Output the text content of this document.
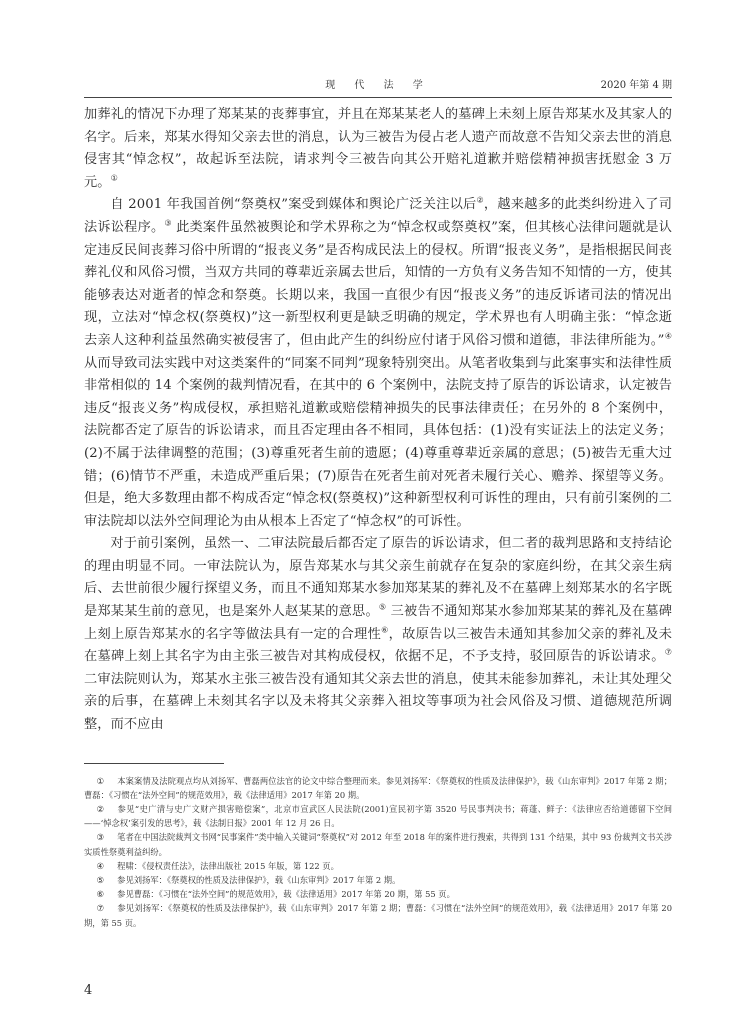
现 代 法 学	2020 年第 4 期

加葬礼的情况下办理了郑某某的丧葬事宜，并且在郑某某老人的墓碑上未刻上原告郑某水及其家人的名字。后来，郑某水得知父亲去世的消息，认为三被告为侵占老人遗产而故意不告知父亲去世的消息侵害其“悼念权”，故起诉至法院，请求判令三被告向其公开赔礼道歉并赔偿精神损害抚慰金 3 万元。①

自 2001 年我国首例“祭奠权”案受到媒体和舆论广泛关注以后②，越来越多的此类纠纷进入了司法诉讼程序。③ 此类案件虽然被舆论和学术界称之为“悼念权或祭奠权”案，但其核心法律问题就是认定违反民间丧葬习俗中所谓的“报丧义务”是否构成民法上的侵权。所谓“报丧义务”，是指根据民间丧葬礼仪和风俗习惯，当双方共同的尊辈近亲属去世后，知情的一方负有义务告知不知情的一方，使其能够表达对逝者的悼念和祭奠。长期以来，我国一直很少有因“报丧义务”的违反诉诸司法的情况出现，立法对“悼念权(祭奠权)”这一新型权利更是缺乏明确的规定，学术界也有人明确主张：“悼念逝去亲人这种利益虽然确实被侵害了，但由此产生的纠纷应付诸于风俗习惯和道德，非法律所能为。”④从而导致司法实践中对这类案件的“同案不同判”现象特别突出。从笔者收集到与此案事实和法律性质非常相似的 14 个案例的裁判情况看，在其中的 6 个案例中，法院支持了原告的诉讼请求，认定被告违反“报丧义务”构成侵权，承担赔礼道歉或赔偿精神损失的民事法律责任；在另外的 8 个案例中，法院都否定了原告的诉讼请求，而且否定理由各不相同，具体包括：(1)没有实证法上的法定义务；(2)不属于法律调整的范围；(3)尊重死者生前的遗愿；(4)尊重尊辈近亲属的意思；(5)被告无重大过错；(6)情节不严重，未造成严重后果；(7)原告在死者生前对死者未履行关心、赡养、探望等义务。但是，绝大多数理由都不构成否定“悼念权(祭奠权)”这种新型权利可诉性的理由，只有前引案例的二审法院却以法外空间理论为由从根本上否定了“悼念权”的可诉性。

对于前引案例，虽然一、二审法院最后都否定了原告的诉讼请求，但二者的裁判思路和支持结论的理由明显不同。一审法院认为，原告郑某水与其父亲生前就存在复杂的家庭纠纷，在其父亲生病后、去世前很少履行探望义务，而且不通知郑某水参加郑某某的葬礼及不在墓碑上刻郑某水的名字既是郑某某生前的意见，也是案外人赵某某的意思。⑤ 三被告不通知郑某水参加郑某某的葬礼及在墓碑上刻上原告郑某水的名字等做法具有一定的合理性⑥，故原告以三被告未通知其参加父亲的葬礼及未在墓碑上刻上其名字为由主张三被告对其构成侵权，依据不足，不予支持，驳回原告的诉讼请求。⑦ 二审法院则认为，郑某水主张三被告没有通知其父亲去世的消息，使其未能参加葬礼，未让其处理父亲的后事，在墓碑上未刻其名字以及未将其父亲葬入祖坟等事项为社会风俗及习惯、道德规范所调整，而不应由

① 本案案情及法院观点均从刘扬军、曹磊两位法官的论文中综合整理而来。参见刘扬军：《祭奠权的性质及法律保护》，载《山东审判》2017 年第 2 期；曹磊：《习惯在“法外空间”的规范效用》，载《法律适用》2017 年第 20 期。

② 参见“史广清与史广文财产损害赔偿案”，北京市宣武区人民法院(2001)宣民初字第 3520 号民事判决书；蒋蓬、鲜子：《法律应否给道德留下空间——‘悼念权’案引发的思考》，载《法制日报》2001 年 12 月 26 日。

③ 笔者在中国法院裁判文书网“民事案件”类中输入关键词“祭奠权”对 2012 年至 2018 年的案件进行搜索，共得到 131 个结果，其中 93 份裁判文书关涉实质性祭奠利益纠纷。

④ 程啸：《侵权责任法》，法律出版社 2015 年版，第 122 页。

⑤ 参见刘扬军：《祭奠权的性质及法律保护》，载《山东审判》2017 年第 2 期。

⑥ 参见曹磊：《习惯在“法外空间”的规范效用》，载《法律适用》2017 年第 20 期，第 55 页。

⑦ 参见刘扬军：《祭奠权的性质及法律保护》，载《山东审判》2017 年第 2 期；曹磊：《习惯在“法外空间”的规范效用》，载《法律适用》2017 年第 20 期，第 55 页。

4
